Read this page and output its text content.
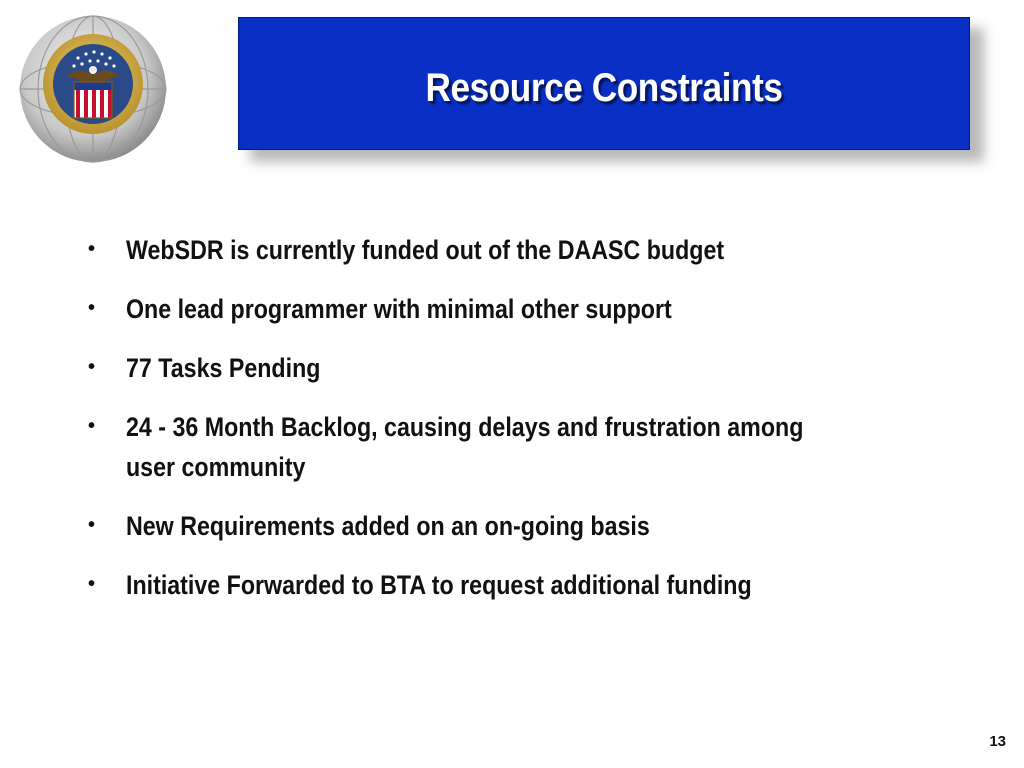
Resource Constraints
• WebSDR is currently funded out of the DAASC budget
• One lead programmer with minimal other support
• 77 Tasks Pending
• 24 - 36 Month Backlog, causing delays and frustration among user community
• New Requirements added on an on-going basis
• Initiative Forwarded to BTA to request additional funding
13
